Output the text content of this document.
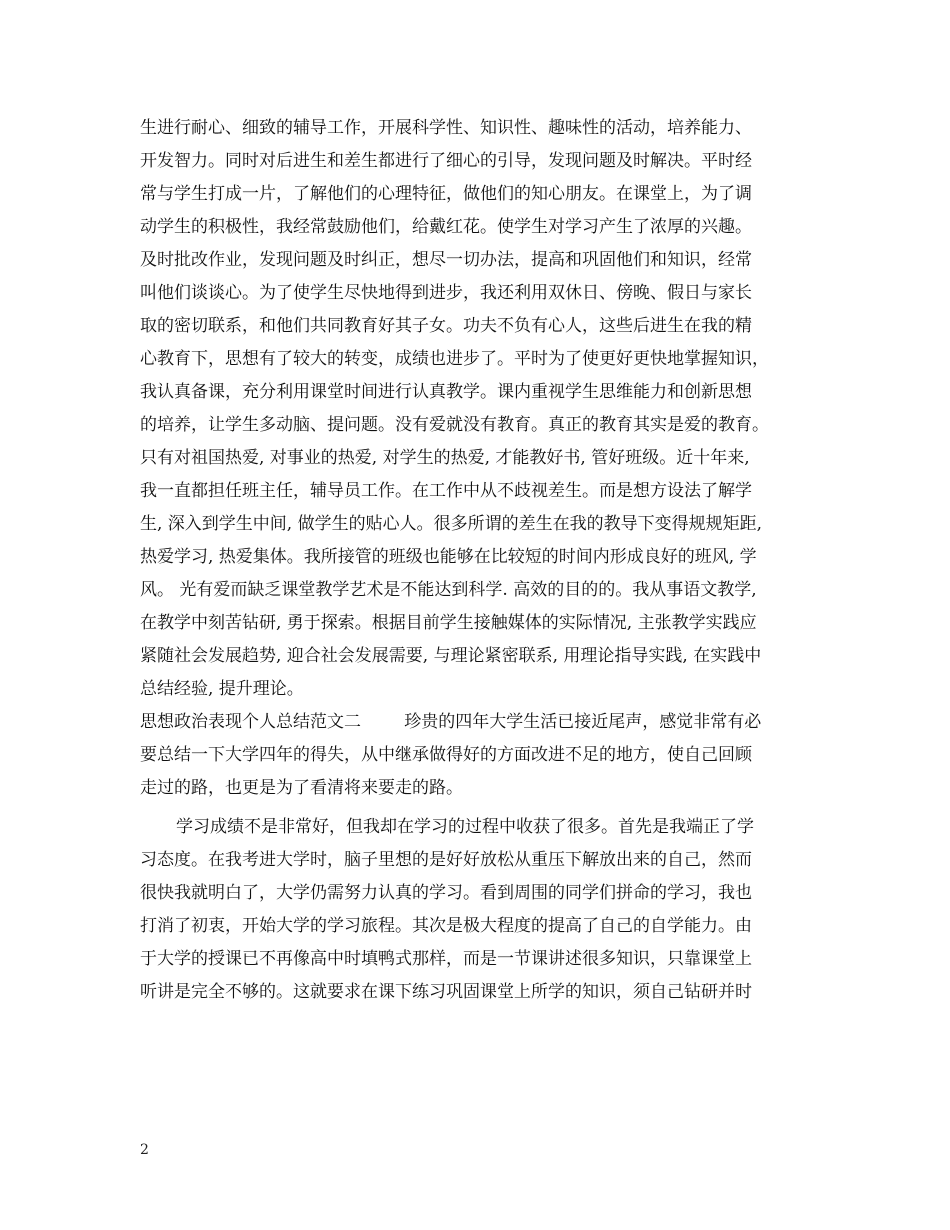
生进行耐心、细致的辅导工作，开展科学性、知识性、趣味性的活动，培养能力、
开发智力。同时对后进生和差生都进行了细心的引导，发现问题及时解决。平时经
常与学生打成一片，了解他们的心理特征，做他们的知心朋友。在课堂上，为了调
动学生的积极性，我经常鼓励他们，给戴红花。使学生对学习产生了浓厚的兴趣。
及时批改作业，发现问题及时纠正，想尽一切办法，提高和巩固他们和知识，经常
叫他们谈谈心。为了使学生尽快地得到进步，我还利用双休日、傍晚、假日与家长
取的密切联系，和他们共同教育好其子女。功夫不负有心人，这些后进生在我的精
心教育下，思想有了较大的转变，成绩也进步了。平时为了使更好更快地掌握知识，
我认真备课，充分利用课堂时间进行认真教学。课内重视学生思维能力和创新思想
的培养，让学生多动脑、提问题。没有爱就没有教育。真正的教育其实是爱的教育。
只有对祖国热爱, 对事业的热爱, 对学生的热爱, 才能教好书, 管好班级。近十年来,
我一直都担任班主任，辅导员工作。在工作中从不歧视差生。而是想方设法了解学
生, 深入到学生中间, 做学生的贴心人。很多所谓的差生在我的教导下变得规规矩距,
热爱学习, 热爱集体。我所接管的班级也能够在比较短的时间内形成良好的班风, 学
风。 光有爱而缺乏课堂教学艺术是不能达到科学. 高效的目的的。我从事语文教学,
在教学中刻苦钻研, 勇于探索。根据目前学生接触媒体的实际情况, 主张教学实践应
紧随社会发展趋势, 迎合社会发展需要, 与理论紧密联系, 用理论指导实践, 在实践中
总结经验, 提升理论。
思想政治表现个人总结范文二        珍贵的四年大学生活已接近尾声，感觉非常有必
要总结一下大学四年的得失，从中继承做得好的方面改进不足的地方，使自己回顾
走过的路，也更是为了看清将来要走的路。
学习成绩不是非常好，但我却在学习的过程中收获了很多。首先是我端正了学
习态度。在我考进大学时，脑子里想的是好好放松从重压下解放出来的自己，然而
很快我就明白了，大学仍需努力认真的学习。看到周围的同学们拼命的学习，我也
打消了初衷，开始大学的学习旅程。其次是极大程度的提高了自己的自学能力。由
于大学的授课已不再像高中时填鸭式那样，而是一节课讲述很多知识，只靠课堂上
听讲是完全不够的。这就要求在课下练习巩固课堂上所学的知识，须自己钻研并时
2
